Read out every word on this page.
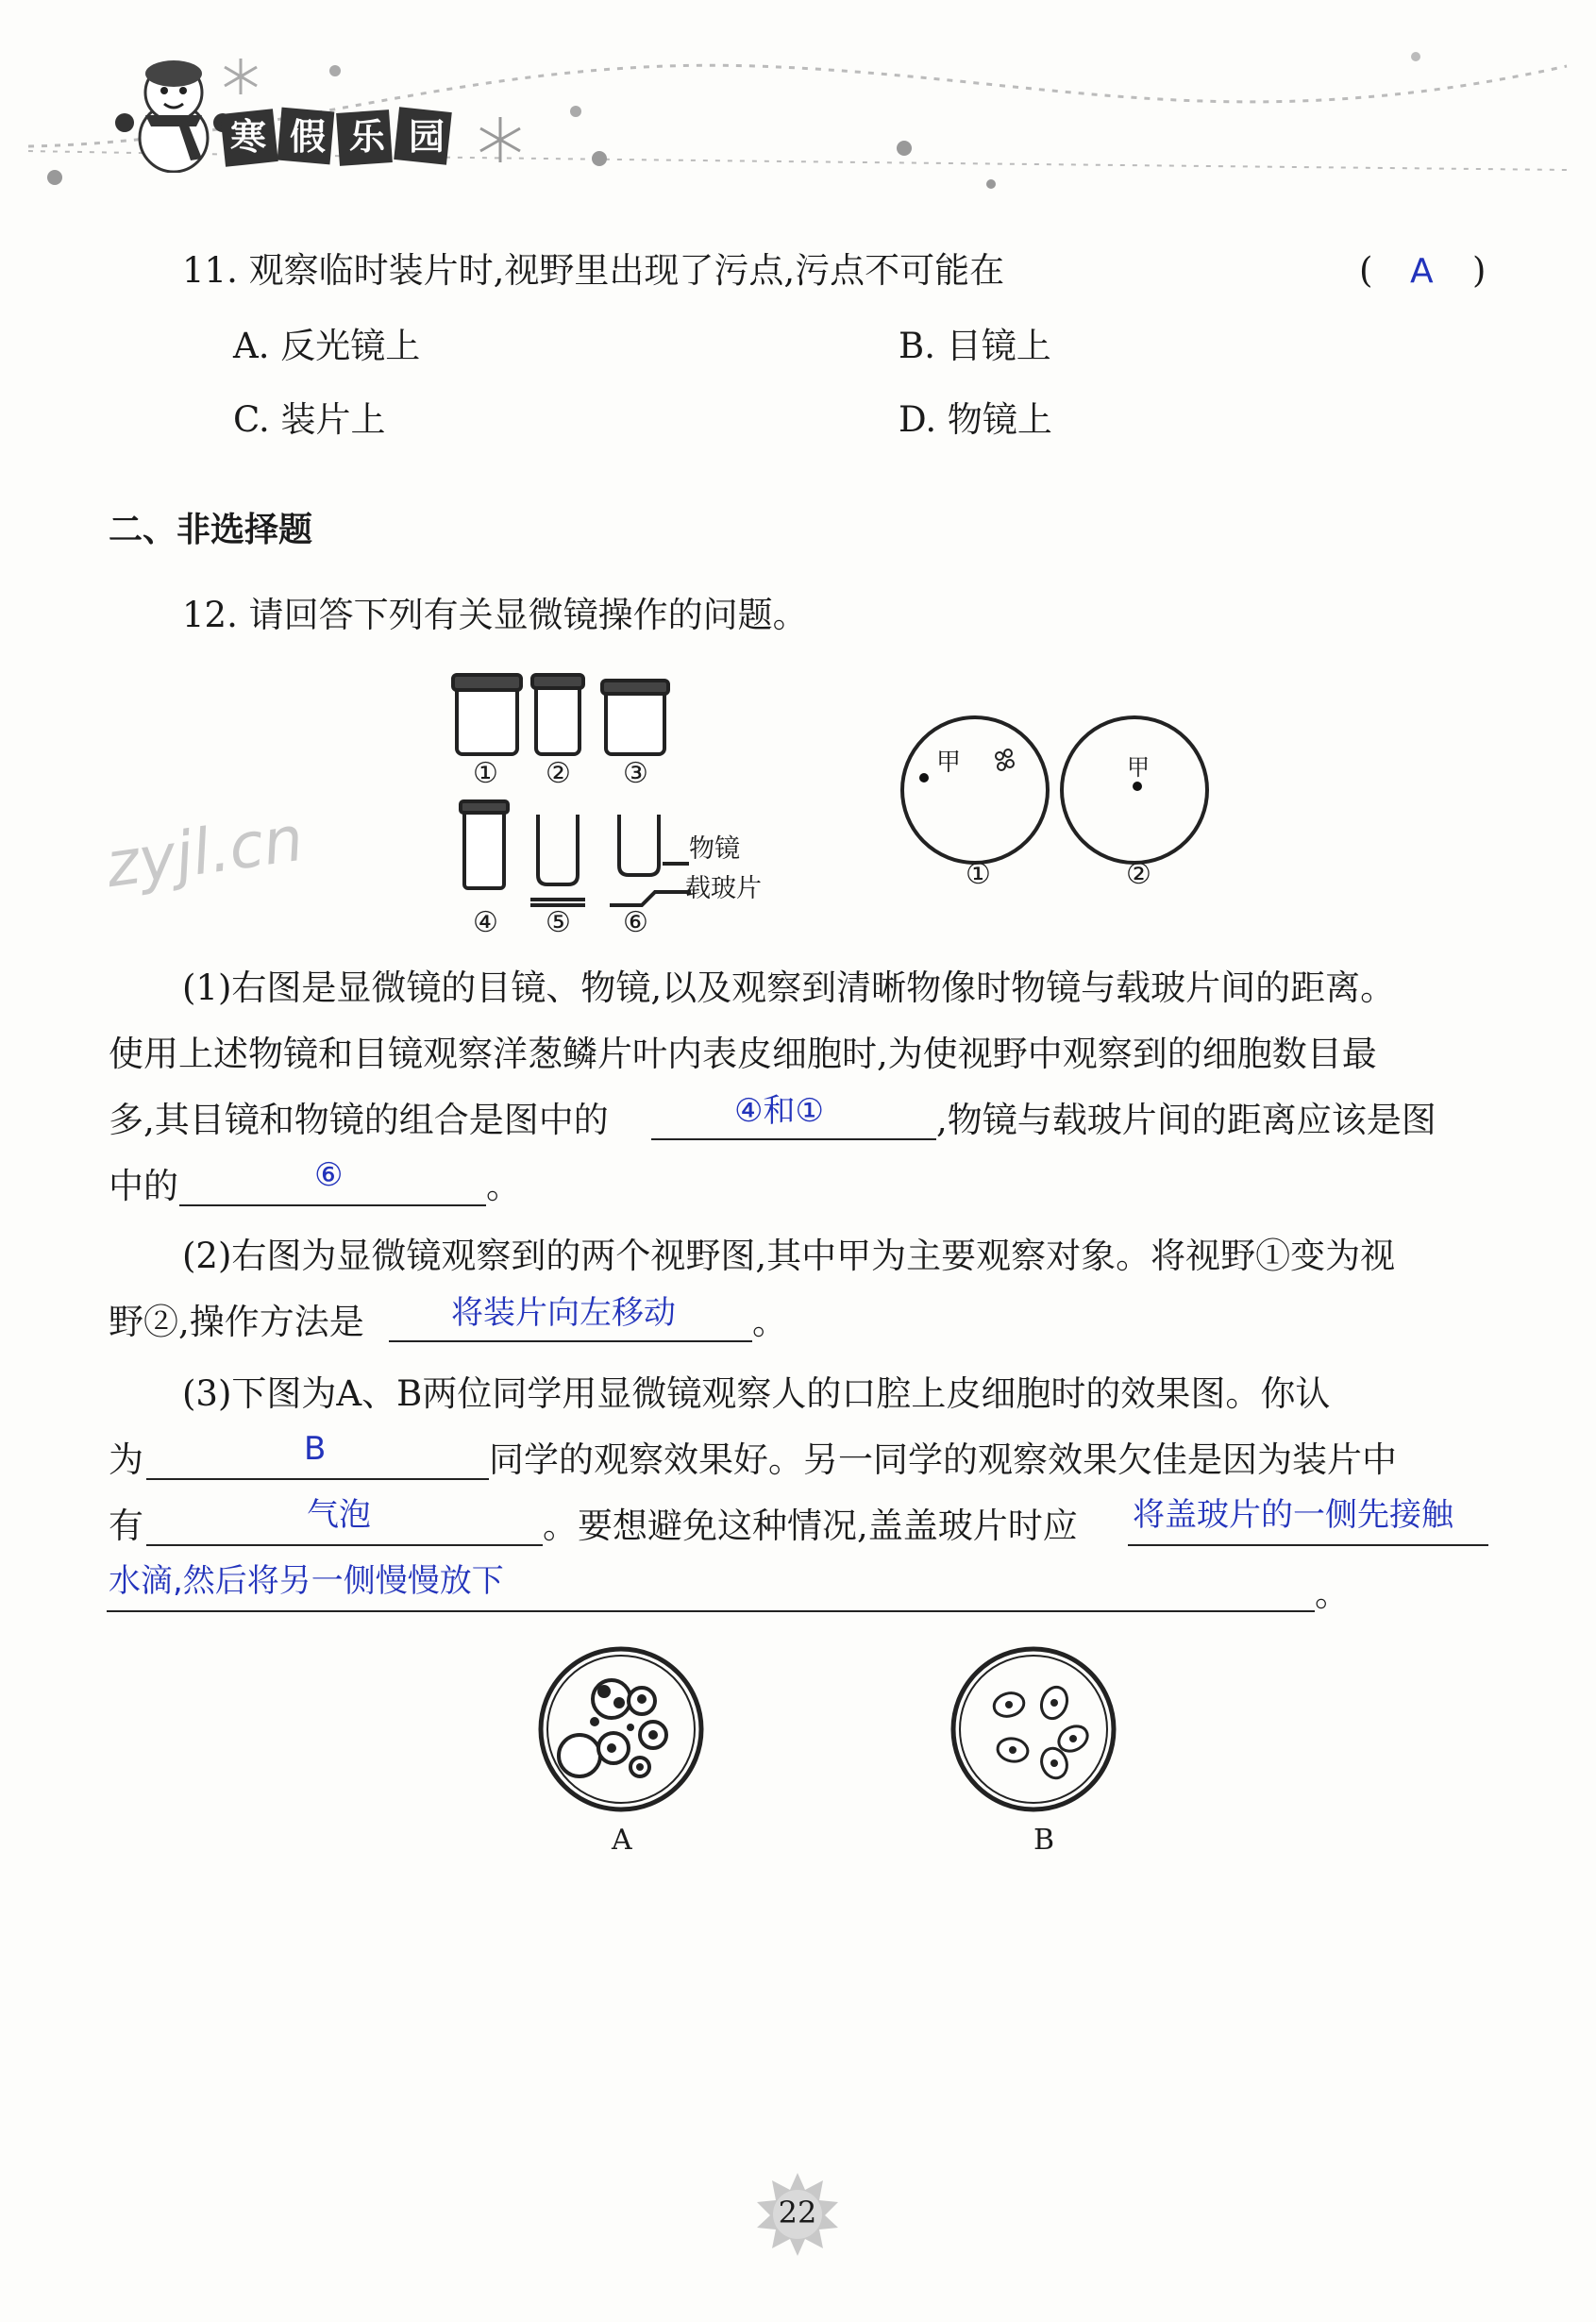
寒假乐园
11. 观察临时装片时,视野里出现了污点,污点不可能在	( A )
A. 反光镜上	B. 目镜上
C. 装片上	D. 物镜上
二、非选择题
12. 请回答下列有关显微镜操作的问题。
① ② ③
④ ⑤ ⑥
物镜
载玻片
甲	甲
①	②
zyjl.cn
(1)右图是显微镜的目镜、物镜,以及观察到清晰物像时物镜与载玻片间的距离。
使用上述物镜和目镜观察洋葱鳞片叶内表皮细胞时,为使视野中观察到的细胞数目最
多,其目镜和物镜的组合是图中的	④和①	,物镜与载玻片间的距离应该是图
中的	⑥	。
(2)右图为显微镜观察到的两个视野图,其中甲为主要观察对象。将视野①变为视
野②,操作方法是	将装片向左移动 。
(3)下图为A、B两位同学用显微镜观察人的口腔上皮细胞时的效果图。你认
为	B	同学的观察效果好。另一同学的观察效果欠佳是因为装片中
有	气泡	。要想避免这种情况,盖盖玻片时应 将盖玻片的一侧先接触
水滴,然后将另一侧慢慢放下	。
A	B
22
